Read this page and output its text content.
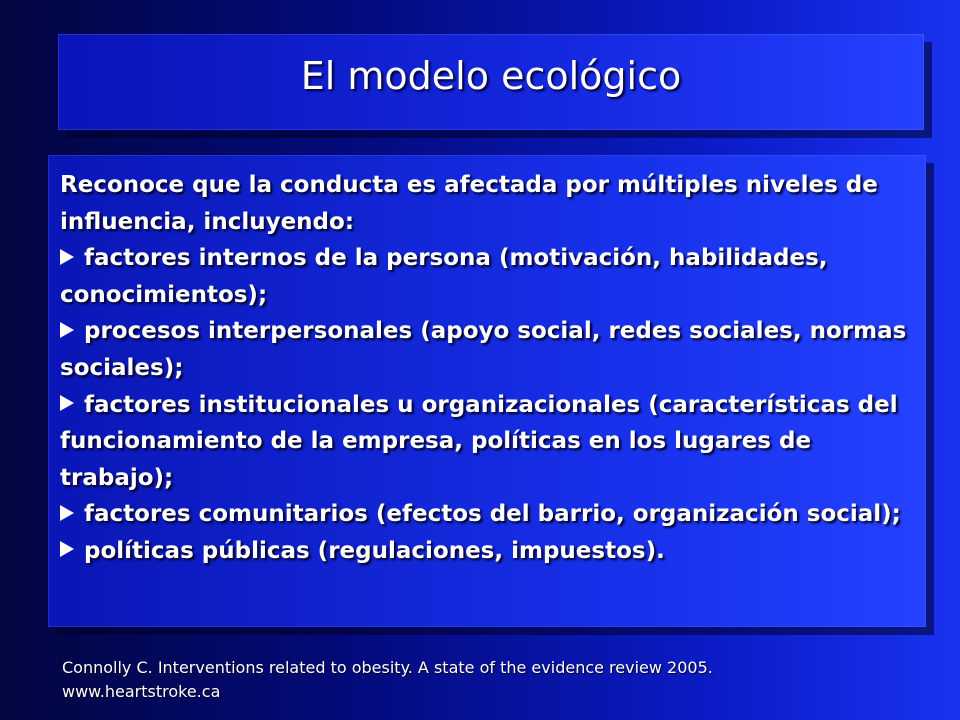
El modelo ecológico

Reconoce que la conducta es afectada por múltiples niveles de influencia, incluyendo:

factores internos de la persona (motivación, habilidades, conocimientos);

procesos interpersonales (apoyo social, redes sociales, normas sociales);

factores institucionales u organizacionales (características del funcionamiento de la empresa, políticas en los lugares de trabajo);

factores comunitarios (efectos del barrio, organización social);

políticas públicas (regulaciones, impuestos).

Connolly C. Interventions related to obesity. A state of the evidence review 2005.
www.heartstroke.ca
